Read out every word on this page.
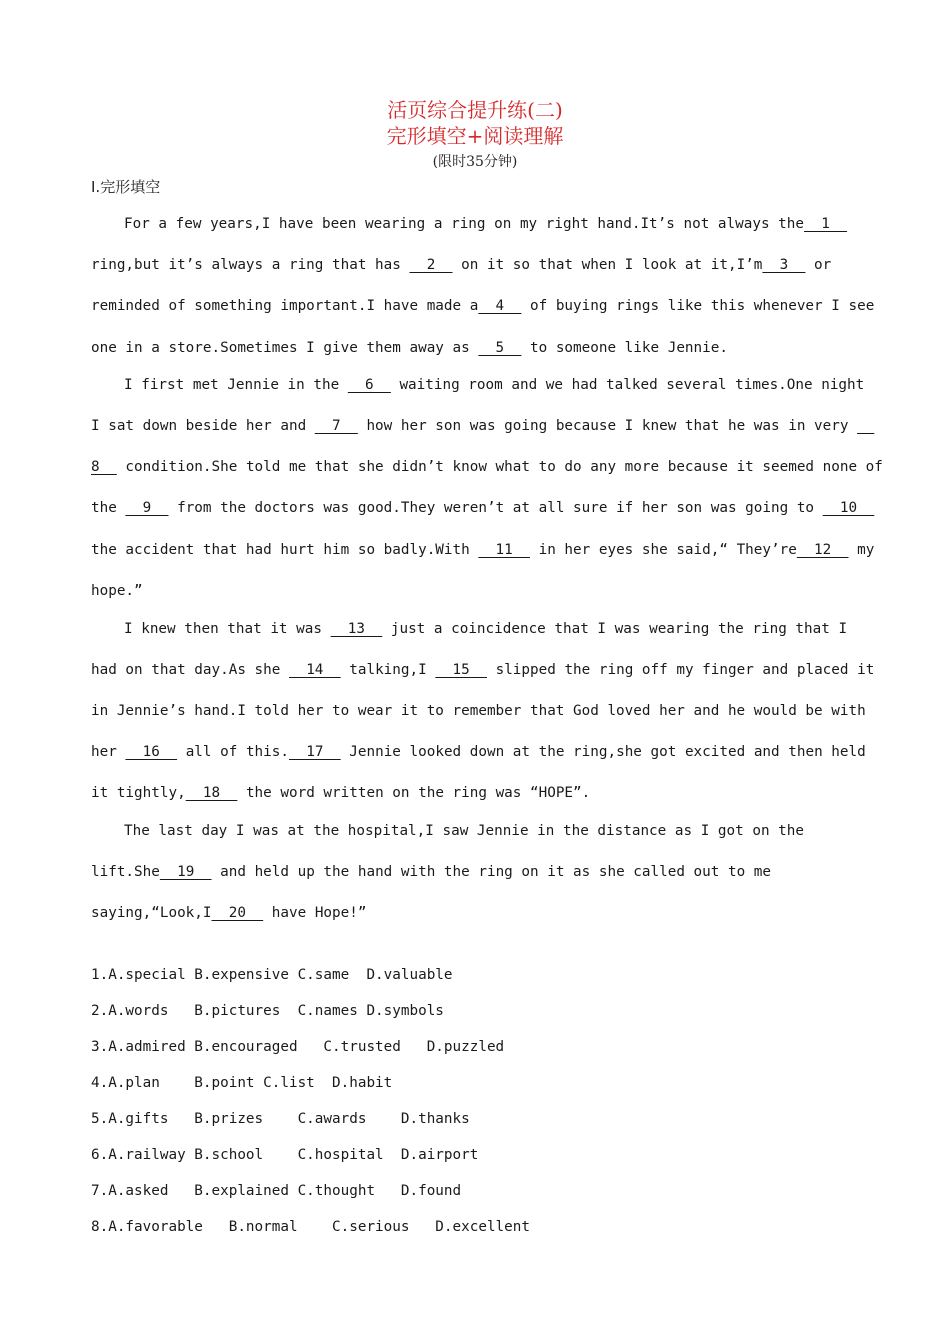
活页综合提升练(二)
完形填空+阅读理解
(限时35分钟)
I.完形填空
For a few years,I have been wearing a ring on my right hand.It’s not always the  1
ring,but it’s always a ring that has   2   on it so that when I look at it,I’m  3   or
reminded of something important.I have made a  4   of buying rings like this whenever I see
one in a store.Sometimes I give them away as   5   to someone like Jennie.
I first met Jennie in the   6   waiting room and we had talked several times.One night
I sat down beside her and   7   how her son was going because I knew that he was in very
8   condition.She told me that she didn’t know what to do any more because it seemed none of
the   9   from the doctors was good.They weren’t at all sure if her son was going to   10
the accident that had hurt him so badly.With   11   in her eyes she said,“ They’re  12   my
hope.”
I knew then that it was   13   just a coincidence that I was wearing the ring that I
had on that day.As she   14   talking,I   15   slipped the ring off my finger and placed it
in Jennie’s hand.I told her to wear it to remember that God loved her and he would be with
her   16   all of this.  17   Jennie looked down at the ring,she got excited and then held
it tightly,  18   the word written on the ring was “HOPE”.
The last day I was at the hospital,I saw Jennie in the distance as I got on the
lift.She  19   and held up the hand with the ring on it as she called out to me
saying,“Look,I  20   have Hope!”
1.A.special B.expensive C.same  D.valuable
2.A.words   B.pictures  C.names D.symbols
3.A.admired B.encouraged   C.trusted   D.puzzled
4.A.plan    B.point C.list  D.habit
5.A.gifts   B.prizes    C.awards    D.thanks
6.A.railway B.school    C.hospital  D.airport
7.A.asked   B.explained C.thought   D.found
8.A.favorable   B.normal    C.serious   D.excellent
